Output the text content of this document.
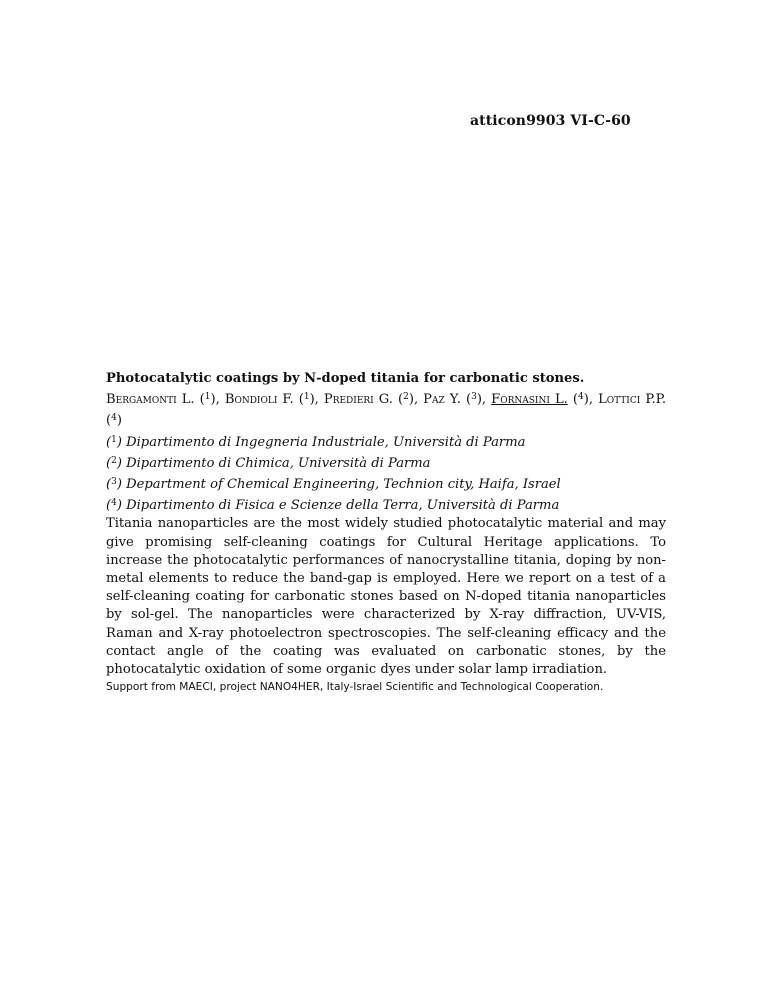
atticon9903 VI-C-60
Photocatalytic coatings by N-doped titania for carbonatic stones.
Bergamonti L. ($^1$), Bondioli F. ($^1$), Predieri G. ($^2$), Paz Y. ($^3$), Fornasini L. ($^4$), Lottici P.P. ($^4$)
($^1$) Dipartimento di Ingegneria Industriale, Università di Parma
($^2$) Dipartimento di Chimica, Università di Parma
($^3$) Department of Chemical Engineering, Technion city, Haifa, Israel
($^4$) Dipartimento di Fisica e Scienze della Terra, Università di Parma
Titania nanoparticles are the most widely studied photocatalytic material and may give promising self-cleaning coatings for Cultural Heritage applications. To increase the photocatalytic performances of nanocrystalline titania, doping by non-metal elements to reduce the band-gap is employed. Here we report on a test of a self-cleaning coating for carbonatic stones based on N-doped titania nanoparticles by sol-gel. The nanoparticles were characterized by X-ray diffraction, UV-VIS, Raman and X-ray photoelectron spectroscopies. The self-cleaning efficacy and the contact angle of the coating was evaluated on carbonatic stones, by the photocatalytic oxidation of some organic dyes under solar lamp irradiation.
Support from MAECI, project NANO4HER, Italy-Israel Scientific and Technological Cooperation.
